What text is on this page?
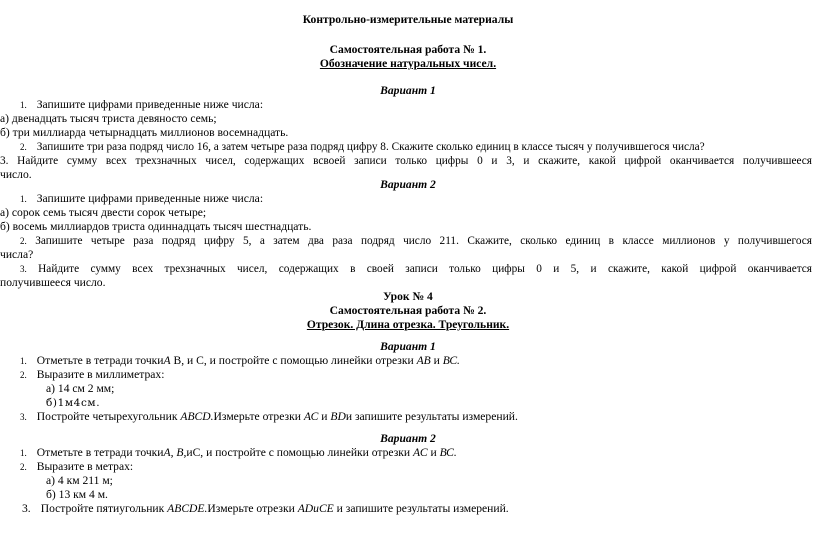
Контрольно-измерительные материалы
Самостоятельная работа № 1.
Обозначение натуральных чисел.
Вариант 1
1. Запишите цифрами приведенные ниже числа:
а) двенадцать тысяч триста девяносто семь;
б) три миллиарда четырнадцать миллионов восемнадцать.
2. Запишите три раза подряд число 16, а затем четыре раза подряд цифру 8. Скажите сколько единиц в классе тысяч у получившегося числа?
3. Найдите сумму всех трехзначных чисел, содержащих всвоей записи только цифры 0 и 3, и скажите, какой цифрой оканчивается получившееся
число.
Вариант 2
1. Запишите цифрами приведенные ниже числа:
а) сорок семь тысяч двести сорок четыре;
б) восемь миллиардов триста одиннадцать тысяч шестнадцать.
2. Запишите четыре раза подряд цифру 5, а затем два раза подряд число 211. Скажите, сколько единиц в классе миллионов у получившегося
числа?
3. Найдите сумму всех трехзначных чисел, содержащих в своей записи только цифры 0 и 5, и скажите, какой цифрой оканчивается
получившееся число.
Урок № 4
Самостоятельная работа № 2.
Отрезок. Длина отрезка. Треугольник.
Вариант 1
1. Отметьте в тетради точкиА В, и С, и постройте с помощью линейки отрезки АВ и ВС.
2. Выразите в миллиметрах:
а) 14 см 2 мм;
б)1м4см.
3. Постройте четырехугольник ABCD.Измерьте отрезки АС и BDи запишите результаты измерений.
Вариант 2
1. Отметьте в тетради точкиА, В,иС, и постройте с помощью линейки отрезки АС и ВС.
2. Выразите в метрах:
а) 4 км 211 м;
б) 13 км 4 м.
3. Постройте пятиугольник ABCDE.Измерьте отрезки ADиCE и запишите результаты измерений.
